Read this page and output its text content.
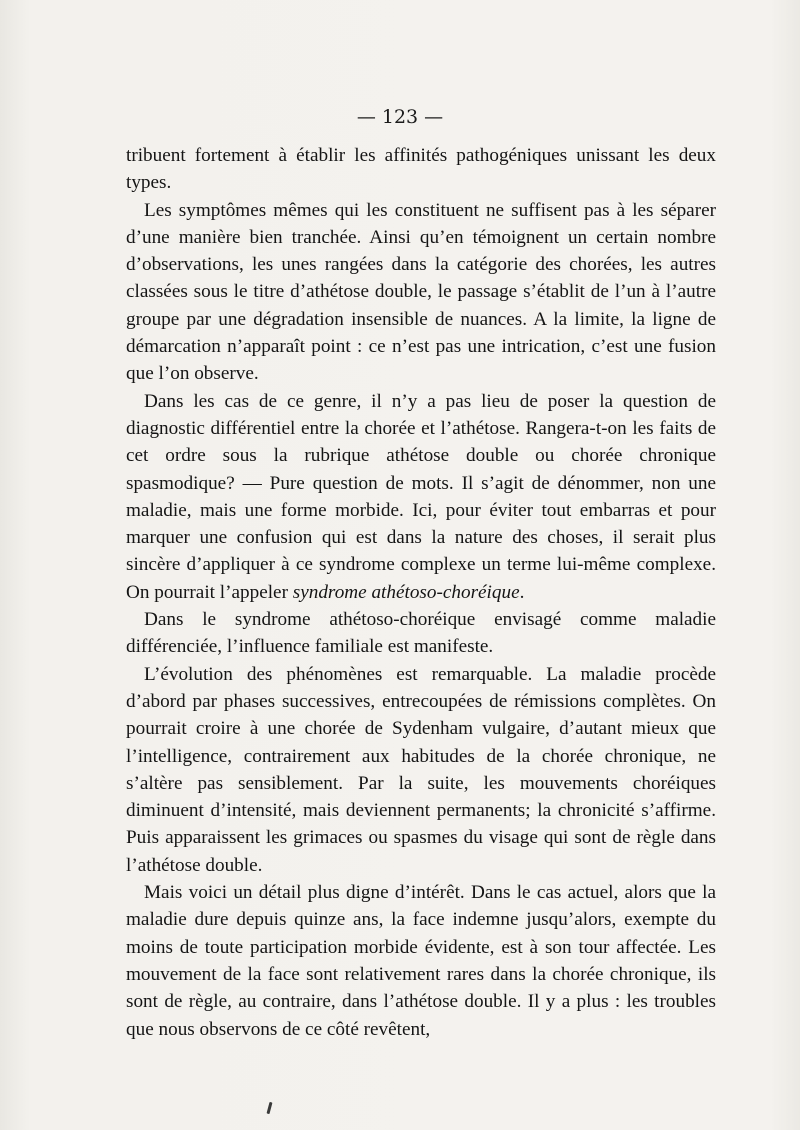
— 123 —

tribuent fortement à établir les affinités pathogéniques unissant les deux types.

Les symptômes mêmes qui les constituent ne suffisent pas à les séparer d’une manière bien tranchée. Ainsi qu’en témoignent un certain nombre d’observations, les unes rangées dans la catégorie des chorées, les autres classées sous le titre d’athétose double, le passage s’établit de l’un à l’autre groupe par une dégradation insensible de nuances. A la limite, la ligne de démarcation n’apparaît point : ce n’est pas une intrication, c’est une fusion que l’on observe.

Dans les cas de ce genre, il n’y a pas lieu de poser la question de diagnostic différentiel entre la chorée et l’athétose. Rangera-t-on les faits de cet ordre sous la rubrique athétose double ou chorée chronique spasmodique? — Pure question de mots. Il s’agit de dénommer, non une maladie, mais une forme morbide. Ici, pour éviter tout embarras et pour marquer une confusion qui est dans la nature des choses, il serait plus sincère d’appliquer à ce syndrome complexe un terme lui-même complexe. On pourrait l’appeler syndrome athétoso-choréique.

Dans le syndrome athétoso-choréique envisagé comme maladie différenciée, l’influence familiale est manifeste.

L’évolution des phénomènes est remarquable. La maladie procède d’abord par phases successives, entrecoupées de rémissions complètes. On pourrait croire à une chorée de Sydenham vulgaire, d’autant mieux que l’intelligence, contrairement aux habitudes de la chorée chronique, ne s’altère pas sensiblement. Par la suite, les mouvements choréiques diminuent d’intensité, mais deviennent permanents; la chronicité s’affirme. Puis apparaissent les grimaces ou spasmes du visage qui sont de règle dans l’athétose double.

Mais voici un détail plus digne d’intérêt. Dans le cas actuel, alors que la maladie dure depuis quinze ans, la face indemne jusqu’alors, exempte du moins de toute participation morbide évidente, est à son tour affectée. Les mouvement de la face sont relativement rares dans la chorée chronique, ils sont de règle, au contraire, dans l’athétose double. Il y a plus : les troubles que nous observons de ce côté revêtent,
